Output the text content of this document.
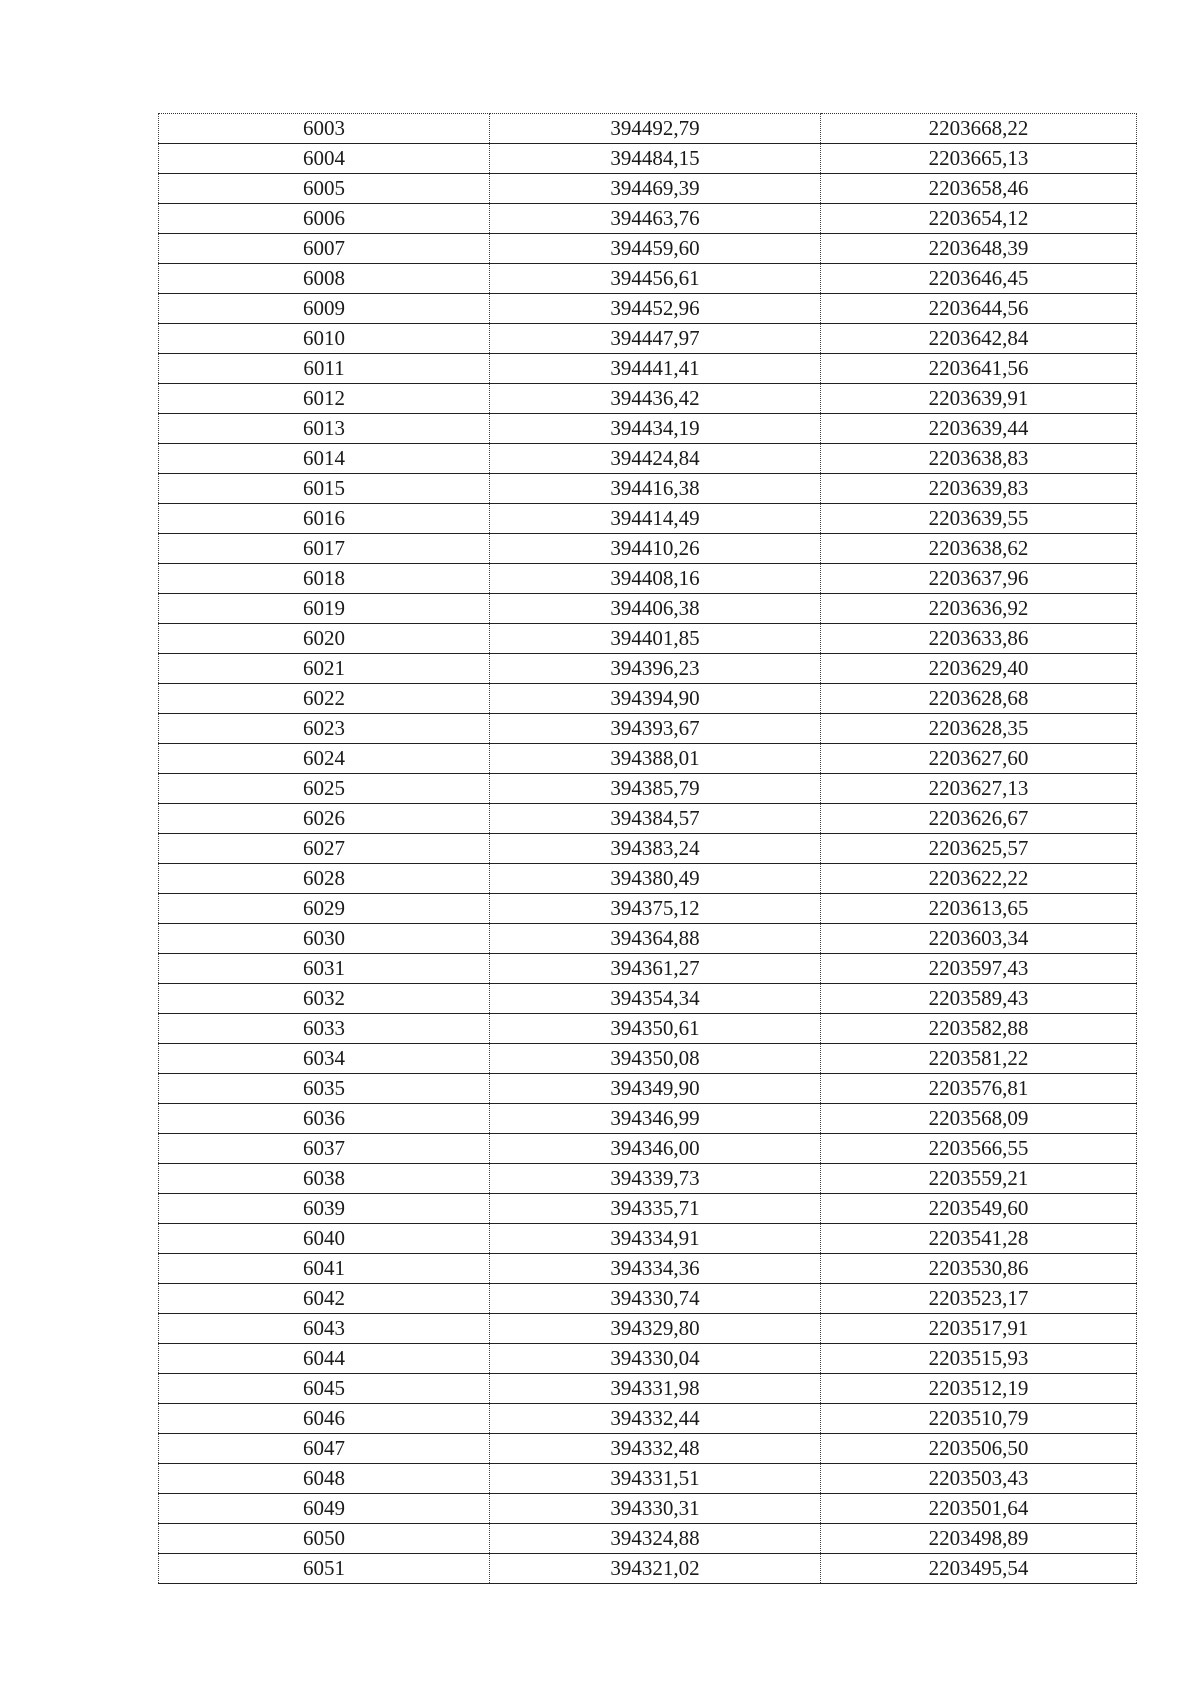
6003	394492,79	2203668,22
6004	394484,15	2203665,13
6005	394469,39	2203658,46
6006	394463,76	2203654,12
6007	394459,60	2203648,39
6008	394456,61	2203646,45
6009	394452,96	2203644,56
6010	394447,97	2203642,84
6011	394441,41	2203641,56
6012	394436,42	2203639,91
6013	394434,19	2203639,44
6014	394424,84	2203638,83
6015	394416,38	2203639,83
6016	394414,49	2203639,55
6017	394410,26	2203638,62
6018	394408,16	2203637,96
6019	394406,38	2203636,92
6020	394401,85	2203633,86
6021	394396,23	2203629,40
6022	394394,90	2203628,68
6023	394393,67	2203628,35
6024	394388,01	2203627,60
6025	394385,79	2203627,13
6026	394384,57	2203626,67
6027	394383,24	2203625,57
6028	394380,49	2203622,22
6029	394375,12	2203613,65
6030	394364,88	2203603,34
6031	394361,27	2203597,43
6032	394354,34	2203589,43
6033	394350,61	2203582,88
6034	394350,08	2203581,22
6035	394349,90	2203576,81
6036	394346,99	2203568,09
6037	394346,00	2203566,55
6038	394339,73	2203559,21
6039	394335,71	2203549,60
6040	394334,91	2203541,28
6041	394334,36	2203530,86
6042	394330,74	2203523,17
6043	394329,80	2203517,91
6044	394330,04	2203515,93
6045	394331,98	2203512,19
6046	394332,44	2203510,79
6047	394332,48	2203506,50
6048	394331,51	2203503,43
6049	394330,31	2203501,64
6050	394324,88	2203498,89
6051	394321,02	2203495,54
